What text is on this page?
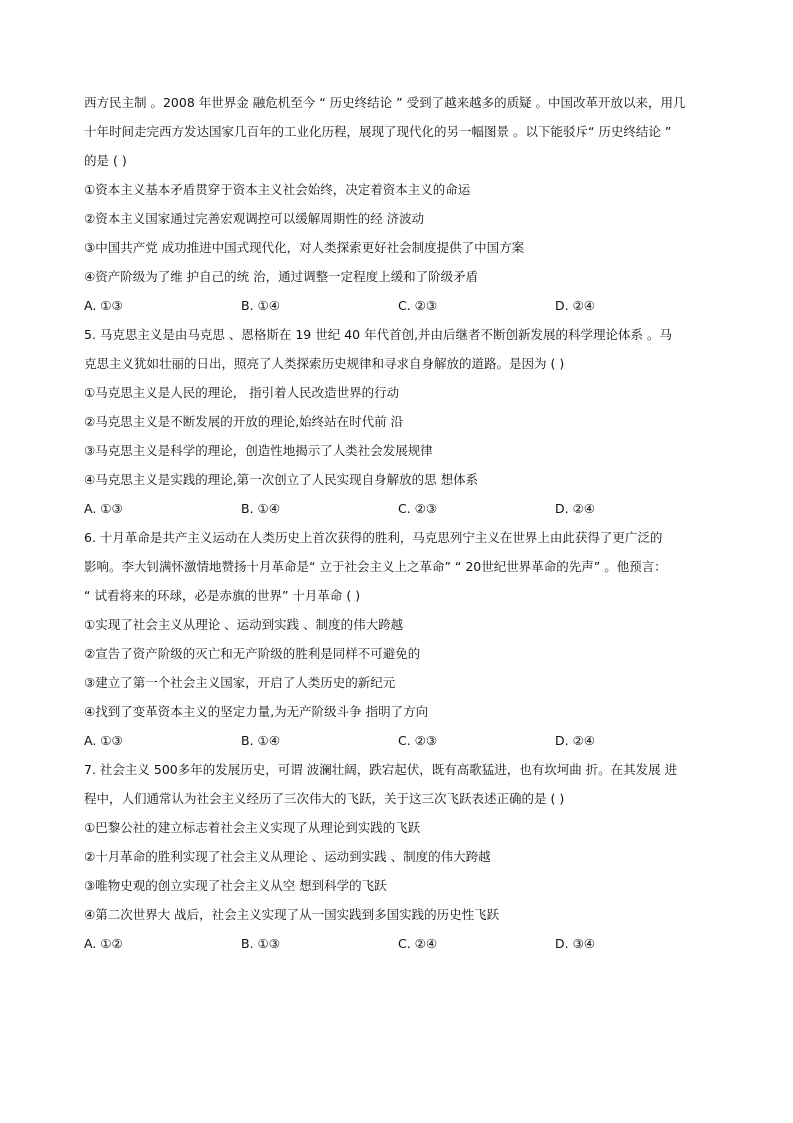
西方民主制 。2008 年世界金 融危机至今 “ 历史终结论 ” 受到了越来越多的质疑 。中国改革开放以来，用几
十年时间走完西方发达国家几百年的工业化历程，展现了现代化的另一幅图景 。以下能驳斥“ 历史终结论 ”
的是 ( )
①资本主义基本矛盾贯穿于资本主义社会始终，决定着资本主义的命运
②资本主义国家通过完善宏观调控可以缓解周期性的经 济波动
③中国共产党 成功推进中国式现代化，对人类探索更好社会制度提供了中国方案
④资产阶级为了维 护自己的统 治，通过调整一定程度上缓和了阶级矛盾
A. ①③	B. ①④	C. ②③	D. ②④
5. 马克思主义是由马克思 、恩格斯在 19 世纪 40 年代首创,并由后继者不断创新发展的科学理论体系 。马
克思主义犹如壮丽的日出，照亮了人类探索历史规律和寻求自身解放的道路。是因为 ( )
①马克思主义是人民的理论， 指引着人民改造世界的行动
②马克思主义是不断发展的开放的理论,始终站在时代前 沿
③马克思主义是科学的理论，创造性地揭示了人类社会发展规律
④马克思主义是实践的理论,第一次创立了人民实现自身解放的思 想体系
A. ①③	B. ①④	C. ②③	D. ②④
6. 十月革命是共产主义运动在人类历史上首次获得的胜利，马克思列宁主义在世界上由此获得了更广泛的
影响。李大钊满怀激情地赞扬十月革命是“ 立于社会主义上之革命” “ 20世纪世界革命的先声” 。他预言：
“ 试看将来的环球，必是赤旗的世界” 十月革命 ( )
①实现了社会主义从理论 、运动到实践 、制度的伟大跨越
②宣告了资产阶级的灭亡和无产阶级的胜利是同样不可避免的
③建立了第一个社会主义国家，开启了人类历史的新纪元
④找到了变革资本主义的坚定力量,为无产阶级斗争 指明了方向
A. ①③	B. ①④	C. ②③	D. ②④
7. 社会主义 500多年的发展历史，可谓 波澜壮阔，跌宕起伏，既有高歌猛进，也有坎坷曲 折。在其发展 进
程中，人们通常认为社会主义经历了三次伟大的飞跃，关于这三次飞跃表述正确的是 ( )
①巴黎公社的建立标志着社会主义实现了从理论到实践的飞跃
②十月革命的胜利实现了社会主义从理论 、运动到实践 、制度的伟大跨越
③唯物史观的创立实现了社会主义从空 想到科学的飞跃
④第二次世界大 战后，社会主义实现了从一国实践到多国实践的历史性飞跃
A. ①②	B. ①③	C. ②④	D. ③④
